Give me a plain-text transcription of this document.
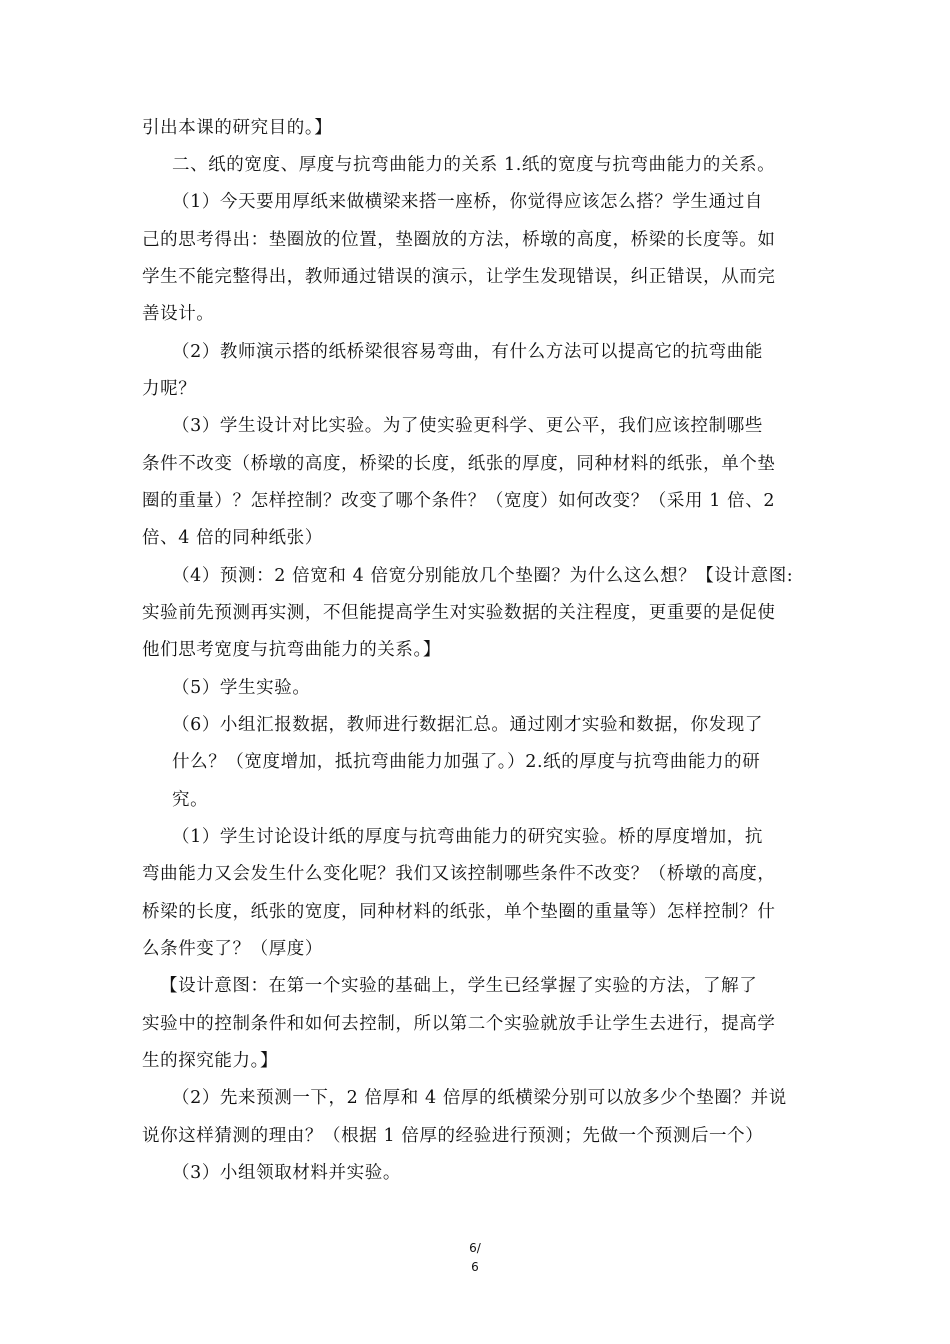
引出本课的研究目的。】
二、纸的宽度、厚度与抗弯曲能力的关系 1.纸的宽度与抗弯曲能力的关系。
（1）今天要用厚纸来做横梁来搭一座桥，你觉得应该怎么搭？学生通过自
己的思考得出：垫圈放的位置，垫圈放的方法，桥墩的高度，桥梁的长度等。如
学生不能完整得出，教师通过错误的演示，让学生发现错误，纠正错误，从而完
善设计。
（2）教师演示搭的纸桥梁很容易弯曲，有什么方法可以提高它的抗弯曲能
力呢？
（3）学生设计对比实验。为了使实验更科学、更公平，我们应该控制哪些
条件不改变（桥墩的高度，桥梁的长度，纸张的厚度，同种材料的纸张，单个垫
圈的重量）？怎样控制？改变了哪个条件？（宽度）如何改变？（采用 1 倍、2
倍、4 倍的同种纸张）
（4）预测：2 倍宽和 4 倍宽分别能放几个垫圈？为什么这么想？【设计意图:
实验前先预测再实测，不但能提高学生对实验数据的关注程度，更重要的是促使
他们思考宽度与抗弯曲能力的关系。】
（5）学生实验。
（6）小组汇报数据，教师进行数据汇总。通过刚才实验和数据，你发现了
什么？（宽度增加，抵抗弯曲能力加强了。）2.纸的厚度与抗弯曲能力的研
究。
（1）学生讨论设计纸的厚度与抗弯曲能力的研究实验。桥的厚度增加，抗
弯曲能力又会发生什么变化呢？我们又该控制哪些条件不改变？（桥墩的高度，
桥梁的长度，纸张的宽度，同种材料的纸张，单个垫圈的重量等）怎样控制？什
么条件变了？（厚度）
【设计意图：在第一个实验的基础上，学生已经掌握了实验的方法，了解了
实验中的控制条件和如何去控制，所以第二个实验就放手让学生去进行，提高学
生的探究能力。】
（2）先来预测一下，2 倍厚和 4 倍厚的纸横梁分别可以放多少个垫圈？并说
说你这样猜测的理由？（根据 1 倍厚的经验进行预测；先做一个预测后一个）
（3）小组领取材料并实验。
6/
6
